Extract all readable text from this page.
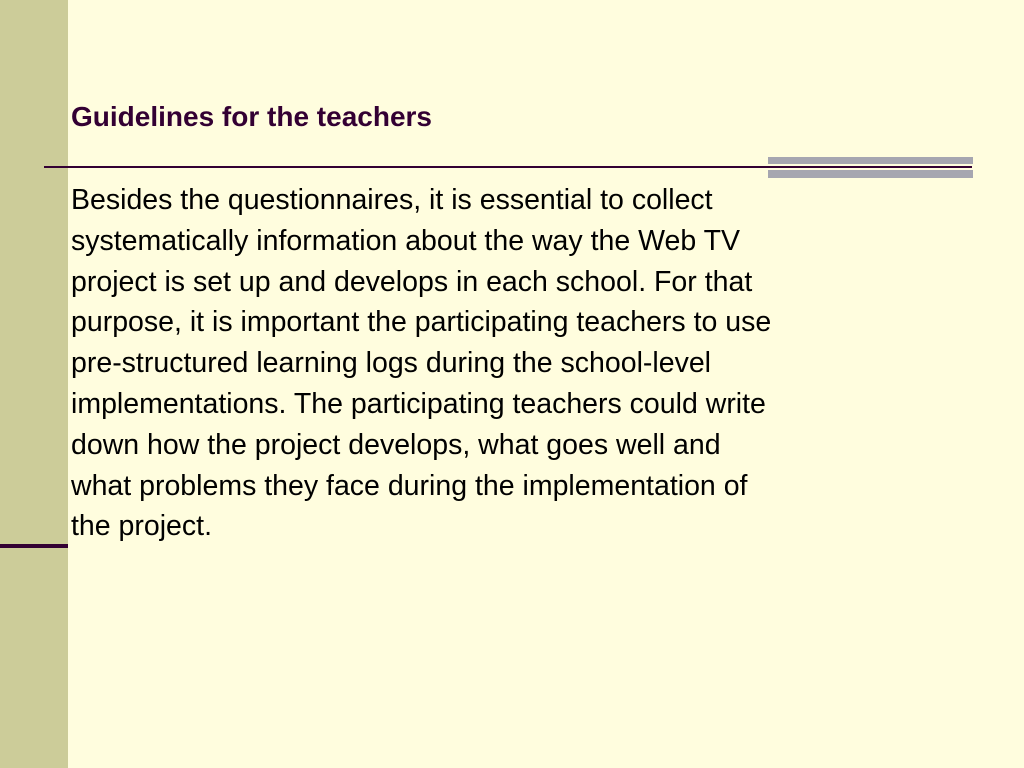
Guidelines for the teachers

Besides the questionnaires, it is essential to collect
systematically information about the way the Web TV
project is set up and develops in each school. For that
purpose, it is important the participating teachers to use
pre-structured learning logs during the school-level
implementations. The participating teachers could write
down how the project develops, what goes well and
what problems they face during the implementation of
the project.
